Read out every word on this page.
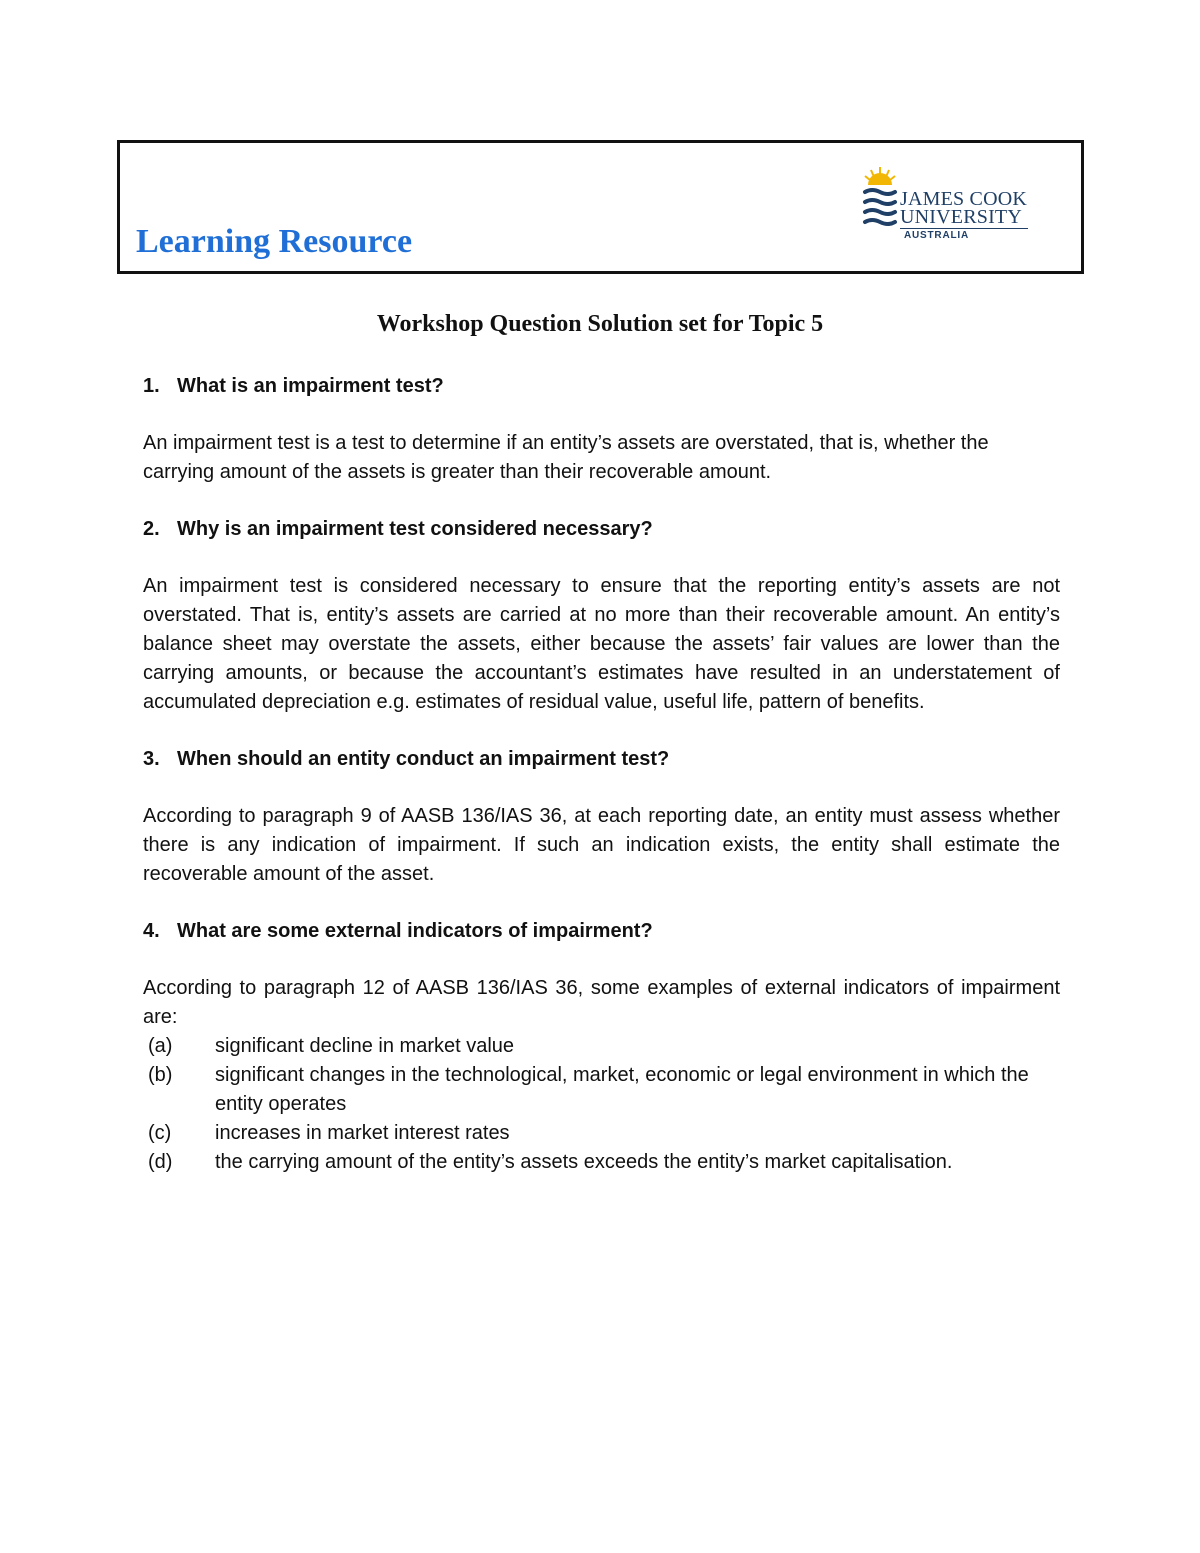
Learning Resource
JAMES COOK
UNIVERSITY
AUSTRALIA
Workshop Question Solution set for Topic 5
1. What is an impairment test?

An impairment test is a test to determine if an entity’s assets are overstated, that is, whether the carrying amount of the assets is greater than their recoverable amount.

2. Why is an impairment test considered necessary?

An impairment test is considered necessary to ensure that the reporting entity’s assets are not overstated. That is, entity’s assets are carried at no more than their recoverable amount. An entity’s balance sheet may overstate the assets, either because the assets’ fair values are lower than the carrying amounts, or because the accountant’s estimates have resulted in an understatement of accumulated depreciation e.g. estimates of residual value, useful life, pattern of benefits.

3. When should an entity conduct an impairment test?

According to paragraph 9 of AASB 136/IAS 36, at each reporting date, an entity must assess whether there is any indication of impairment. If such an indication exists, the entity shall estimate the recoverable amount of the asset.

4. What are some external indicators of impairment?

According to paragraph 12 of AASB 136/IAS 36, some examples of external indicators of impairment are:

(a)	significant decline in market value
(b)	significant changes in the technological, market, economic or legal environment in which the entity operates
(c)	increases in market interest rates
(d)	the carrying amount of the entity’s assets exceeds the entity’s market capitalisation.
